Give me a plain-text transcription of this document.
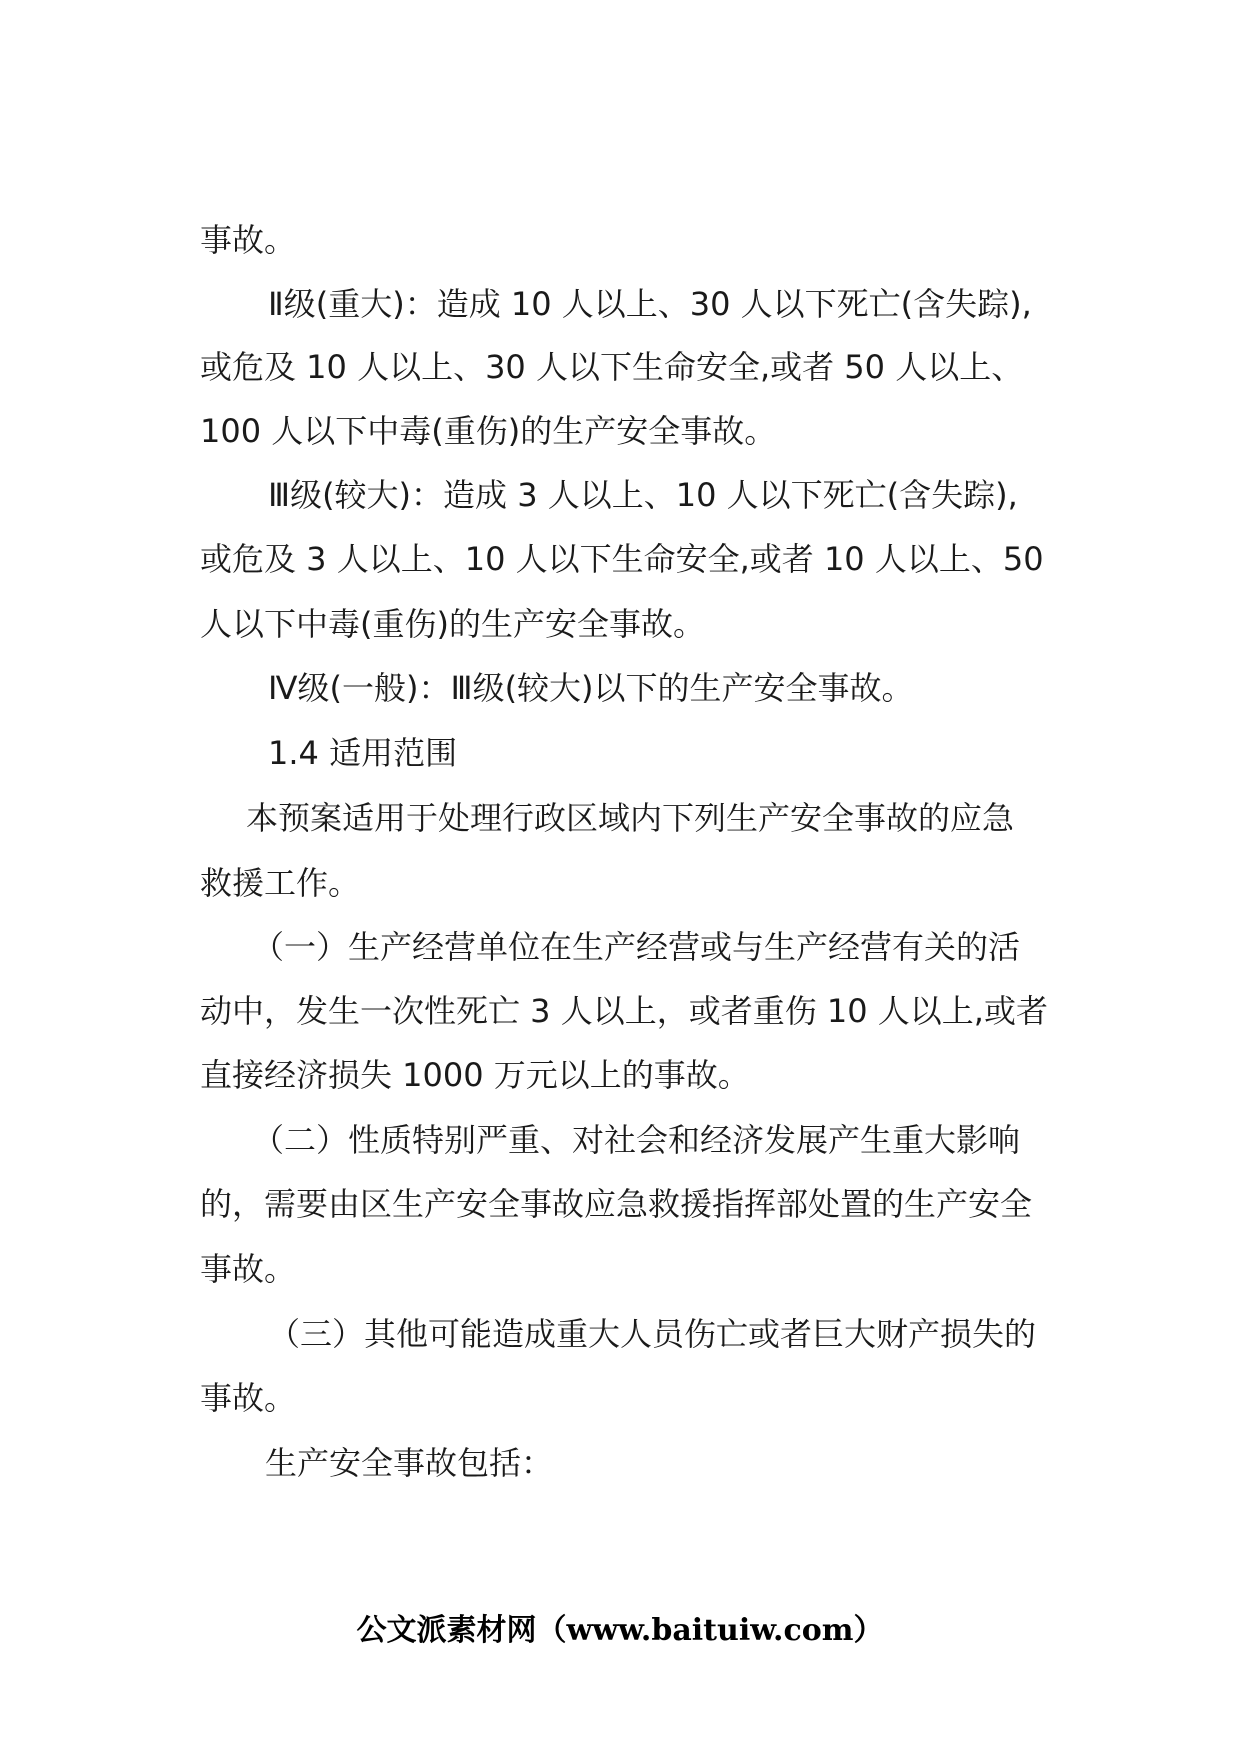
事故。
Ⅱ级(重大)：造成 10 人以上、30 人以下死亡(含失踪),
或危及 10 人以上、30 人以下生命安全,或者 50 人以上、
100 人以下中毒(重伤)的生产安全事故。
Ⅲ级(较大)：造成 3 人以上、10 人以下死亡(含失踪),
或危及 3 人以上、10 人以下生命安全,或者 10 人以上、50
人以下中毒(重伤)的生产安全事故。
Ⅳ级(一般)：Ⅲ级(较大)以下的生产安全事故。
1.4 适用范围
本预案适用于处理行政区域内下列生产安全事故的应急
救援工作。
（一）生产经营单位在生产经营或与生产经营有关的活
动中，发生一次性死亡 3 人以上，或者重伤 10 人以上,或者
直接经济损失 1000 万元以上的事故。
（二）性质特别严重、对社会和经济发展产生重大影响
的，需要由区生产安全事故应急救援指挥部处置的生产安全
事故。
（三）其他可能造成重大人员伤亡或者巨大财产损失的
事故。
生产安全事故包括：
公文派素材网（www.baituiw.com）
